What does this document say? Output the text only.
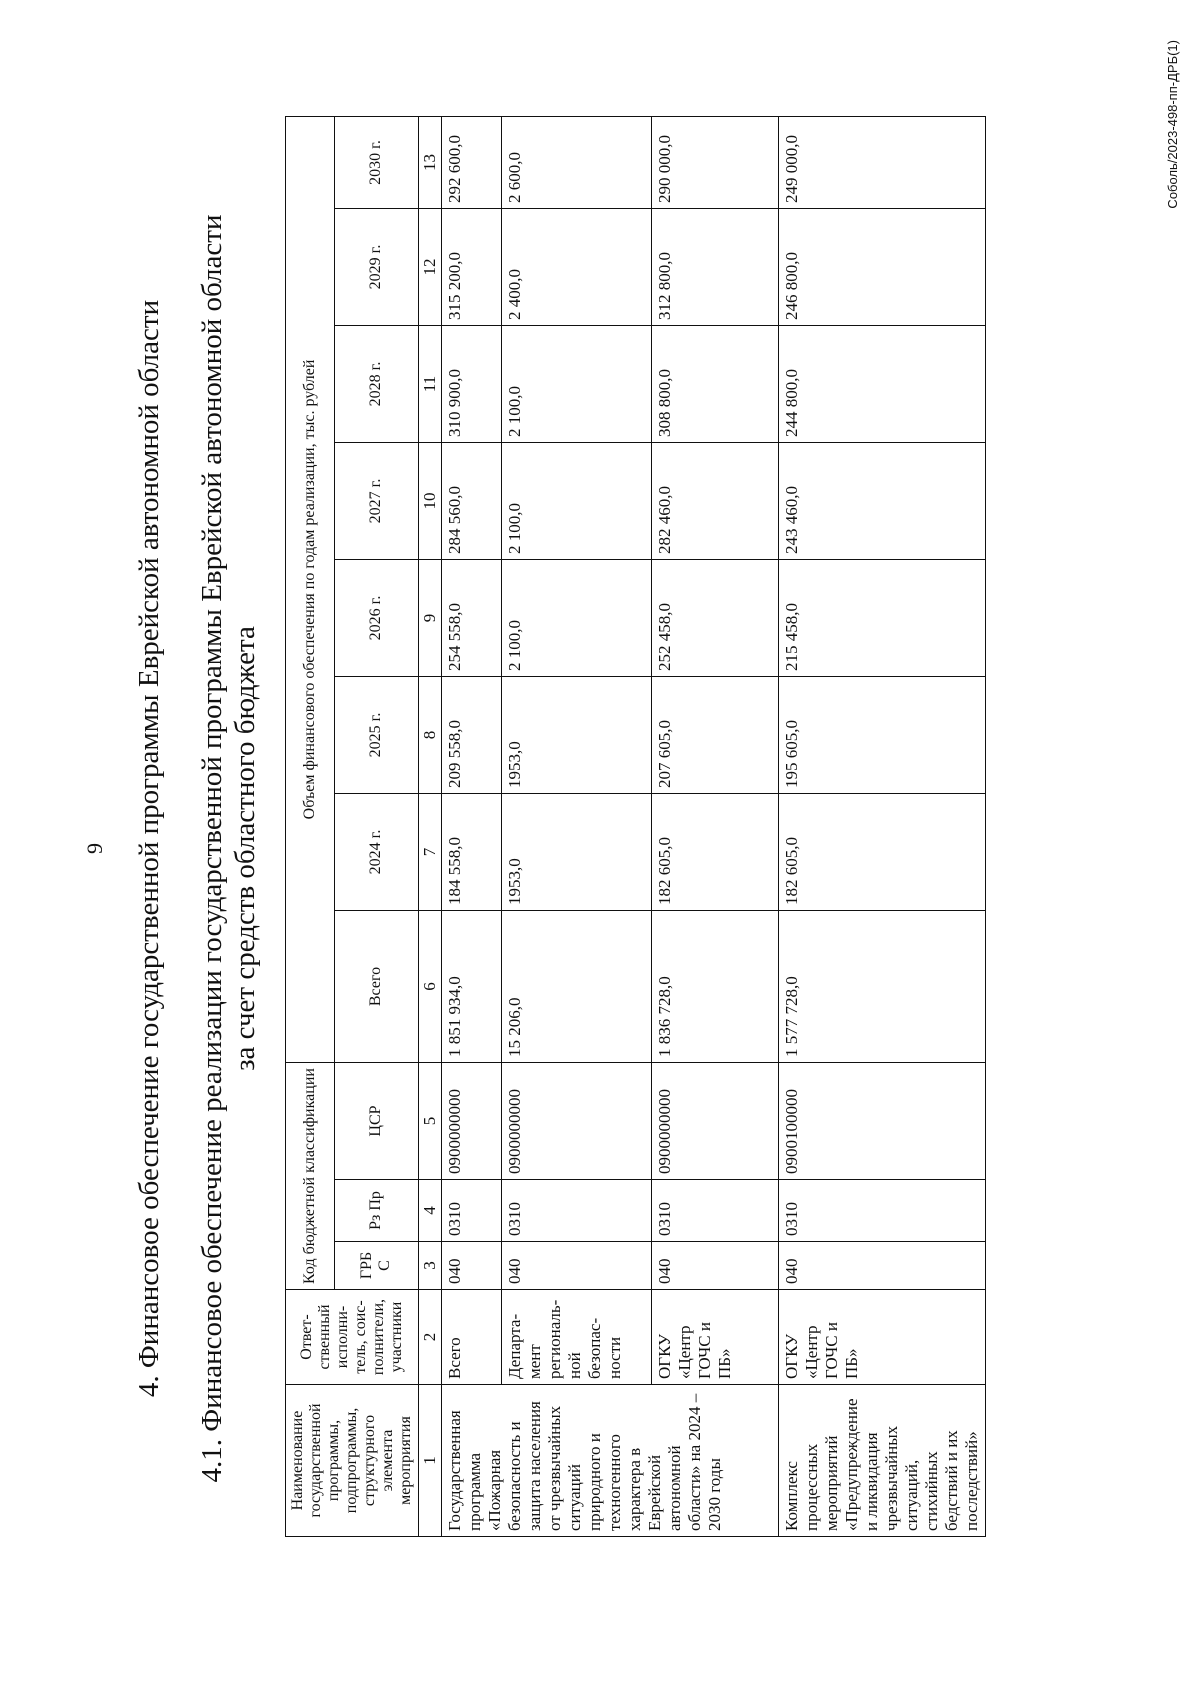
9 4. Финансовое обеспечение государственной программы Еврейской автономной области 4.1. Финансовое обеспечение реализации государственной программы Еврейской автономной области за счет средств областного бюджета
Наименование государственной программы, подпрограммы, структурного элемента мероприятия	Ответ- ственный исполни- тель, соис- полнители, участники	Код бюджетной классификации			Объем финансового обеспечения по годам реализации, тыс. рублей							
		ГРБ С	Рз Пр	ЦСР	Всего	2024 г.	2025 г.	2026 г.	2027 г.	2028 г.	2029 г.	2030 г.
1	2	3	4	5	6	7	8	9	10	11	12	13
Государственная программа «Пожарная безопасность и защита населения от чрезвычайных ситуаций природного и техногенного характера в Еврейской автономной области» на 2024 – 2030 годы	Всего	040	0310	0900000000	1 851 934,0	184 558,0	209 558,0	254 558,0	284 560,0	310 900,0	315 200,0	292 600,0
	Департа- мент региональ- ной безопас- ности	040	0310	0900000000	15 206,0	1953,0	1953,0	2 100,0	2 100,0	2 100,0	2 400,0	2 600,0
	ОГКУ «Центр ГОЧС и ПБ»	040	0310	0900000000	1 836 728,0	182 605,0	207 605,0	252 458,0	282 460,0	308 800,0	312 800,0	290 000,0
Комплекс процессных мероприятий «Предупреждение и ликвидация чрезвычайных ситуаций, стихийных бедствий и их последствий»	ОГКУ «Центр ГОЧС и ПБ»	040	0310	0900100000	1 577 728,0	182 605,0	195 605,0	215 458,0	243 460,0	244 800,0	246 800,0	249 000,0	Соболь/2023-498-пп-ДРБ(1)
